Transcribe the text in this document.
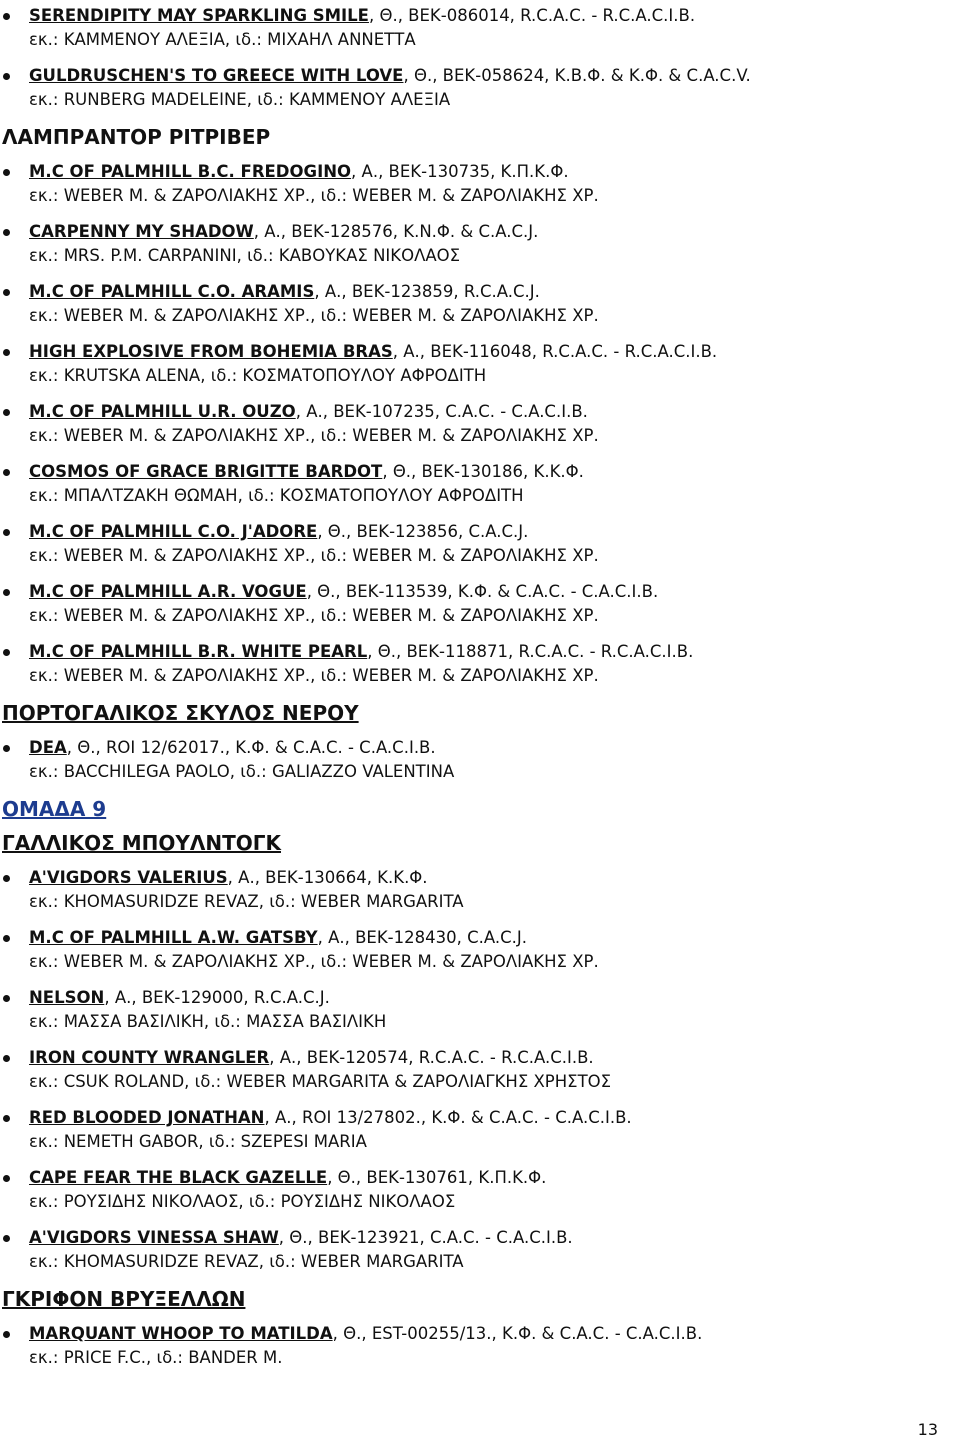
SERENDIPITY MAY SPARKLING SMILE, Θ., ΒΕΚ-086014, R.C.A.C. - R.C.A.C.I.B.
εκ.: ΚΑΜΜΕΝΟΥ ΑΛΕΞΙΑ, ιδ.: ΜΙΧΑΗΛ ΑΝΝΕΤΤΑ
GULDRUSCHEN'S TO GREECE WITH LOVE, Θ., ΒΕΚ-058624, Κ.Β.Φ. & Κ.Φ. & C.A.C.V.
εκ.: RUNBERG MADELEINE, ιδ.: ΚΑΜΜΕΝΟΥ ΑΛΕΞΙΑ
ΛΑΜΠΡΑΝΤΟΡ ΡΙΤΡΙΒΕΡ
M.C OF PALMHILL B.C. FREDOGINO, Α., ΒΕΚ-130735, Κ.Π.Κ.Φ.
εκ.: WEBER M. & ΖΑΡΟΛΙΑΚΗΣ ΧΡ., ιδ.: WEBER M. & ΖΑΡΟΛΙΑΚΗΣ ΧΡ.
CARPENNY MY SHADOW, Α., ΒΕΚ-128576, Κ.Ν.Φ. & C.A.C.J.
εκ.: MRS. P.M. CARPANINI, ιδ.: ΚΑΒΟΥΚΑΣ ΝΙΚΟΛΑΟΣ
M.C OF PALMHILL C.O. ARAMIS, Α., ΒΕΚ-123859, R.C.A.C.J.
εκ.: WEBER M. & ΖΑΡΟΛΙΑΚΗΣ ΧΡ., ιδ.: WEBER M. & ΖΑΡΟΛΙΑΚΗΣ ΧΡ.
HIGH EXPLOSIVE FROM BOHEMIA BRAS, Α., ΒΕΚ-116048, R.C.A.C. - R.C.A.C.I.B.
εκ.: KRUTSKA ALENA, ιδ.: ΚΟΣΜΑΤΟΠΟΥΛΟΥ ΑΦΡΟΔΙΤΗ
M.C OF PALMHILL U.R. OUZO, Α., ΒΕΚ-107235, C.A.C. - C.A.C.I.B.
εκ.: WEBER M. & ΖΑΡΟΛΙΑΚΗΣ ΧΡ., ιδ.: WEBER M. & ΖΑΡΟΛΙΑΚΗΣ ΧΡ.
COSMOS OF GRACE BRIGITTE BARDOT, Θ., ΒΕΚ-130186, Κ.Κ.Φ.
εκ.: ΜΠΑΛΤΖΑΚΗ ΘΩΜΑΗ, ιδ.: ΚΟΣΜΑΤΟΠΟΥΛΟΥ ΑΦΡΟΔΙΤΗ
M.C OF PALMHILL C.O. J'ADORE, Θ., ΒΕΚ-123856, C.A.C.J.
εκ.: WEBER M. & ΖΑΡΟΛΙΑΚΗΣ ΧΡ., ιδ.: WEBER M. & ΖΑΡΟΛΙΑΚΗΣ ΧΡ.
M.C OF PALMHILL A.R. VOGUE, Θ., ΒΕΚ-113539, Κ.Φ. & C.A.C. - C.A.C.I.B.
εκ.: WEBER M. & ΖΑΡΟΛΙΑΚΗΣ ΧΡ., ιδ.: WEBER M. & ΖΑΡΟΛΙΑΚΗΣ ΧΡ.
M.C OF PALMHILL B.R. WHITE PEARL, Θ., ΒΕΚ-118871, R.C.A.C. - R.C.A.C.I.B.
εκ.: WEBER M. & ΖΑΡΟΛΙΑΚΗΣ ΧΡ., ιδ.: WEBER M. & ΖΑΡΟΛΙΑΚΗΣ ΧΡ.
ΠΟΡΤΟΓΑΛΙΚΟΣ ΣΚΥΛΟΣ ΝΕΡΟΥ
DEA, Θ., ROI 12/62017., Κ.Φ. & C.A.C. - C.A.C.I.B.
εκ.: BACCHILEGA PAOLO, ιδ.: GALIAZZO VALENTINA
ΟΜΑΔΑ 9
ΓΑΛΛΙΚΟΣ ΜΠΟΥΛΝΤΟΓΚ
A'VIGDORS VALERIUS, Α., ΒΕΚ-130664, Κ.Κ.Φ.
εκ.: KHOMASURIDZE REVAZ, ιδ.: WEBER MARGARITA
M.C OF PALMHILL A.W. GATSBY, Α., ΒΕΚ-128430, C.A.C.J.
εκ.: WEBER M. & ΖΑΡΟΛΙΑΚΗΣ ΧΡ., ιδ.: WEBER M. & ΖΑΡΟΛΙΑΚΗΣ ΧΡ.
NELSON, Α., ΒΕΚ-129000, R.C.A.C.J.
εκ.: ΜΑΣΣΑ ΒΑΣΙΛΙΚΗ, ιδ.: ΜΑΣΣΑ ΒΑΣΙΛΙΚΗ
IRON COUNTY WRANGLER, Α., ΒΕΚ-120574, R.C.A.C. - R.C.A.C.I.B.
εκ.: CSUK ROLAND, ιδ.: WEBER MARGARITA & ΖΑΡΟΛΙΑΓΚΗΣ ΧΡΗΣΤΟΣ
RED BLOODED JONATHAN, Α., ROI 13/27802., Κ.Φ. & C.A.C. - C.A.C.I.B.
εκ.: NEMETH GABOR, ιδ.: SZEPESI MARIA
CAPE FEAR THE BLACK GAZELLE, Θ., ΒΕΚ-130761, Κ.Π.Κ.Φ.
εκ.: ΡΟΥΣΙΔΗΣ ΝΙΚΟΛΑΟΣ, ιδ.: ΡΟΥΣΙΔΗΣ ΝΙΚΟΛΑΟΣ
A'VIGDORS VINESSA SHAW, Θ., ΒΕΚ-123921, C.A.C. - C.A.C.I.B.
εκ.: KHOMASURIDZE REVAZ, ιδ.: WEBER MARGARITA
ΓΚΡΙΦΟΝ ΒΡΥΞΕΛΛΩΝ
MARQUANT WHOOP TO MATILDA, Θ., EST-00255/13., Κ.Φ. & C.A.C. - C.A.C.I.B.
εκ.: PRICE F.C., ιδ.: BANDER M.
13
